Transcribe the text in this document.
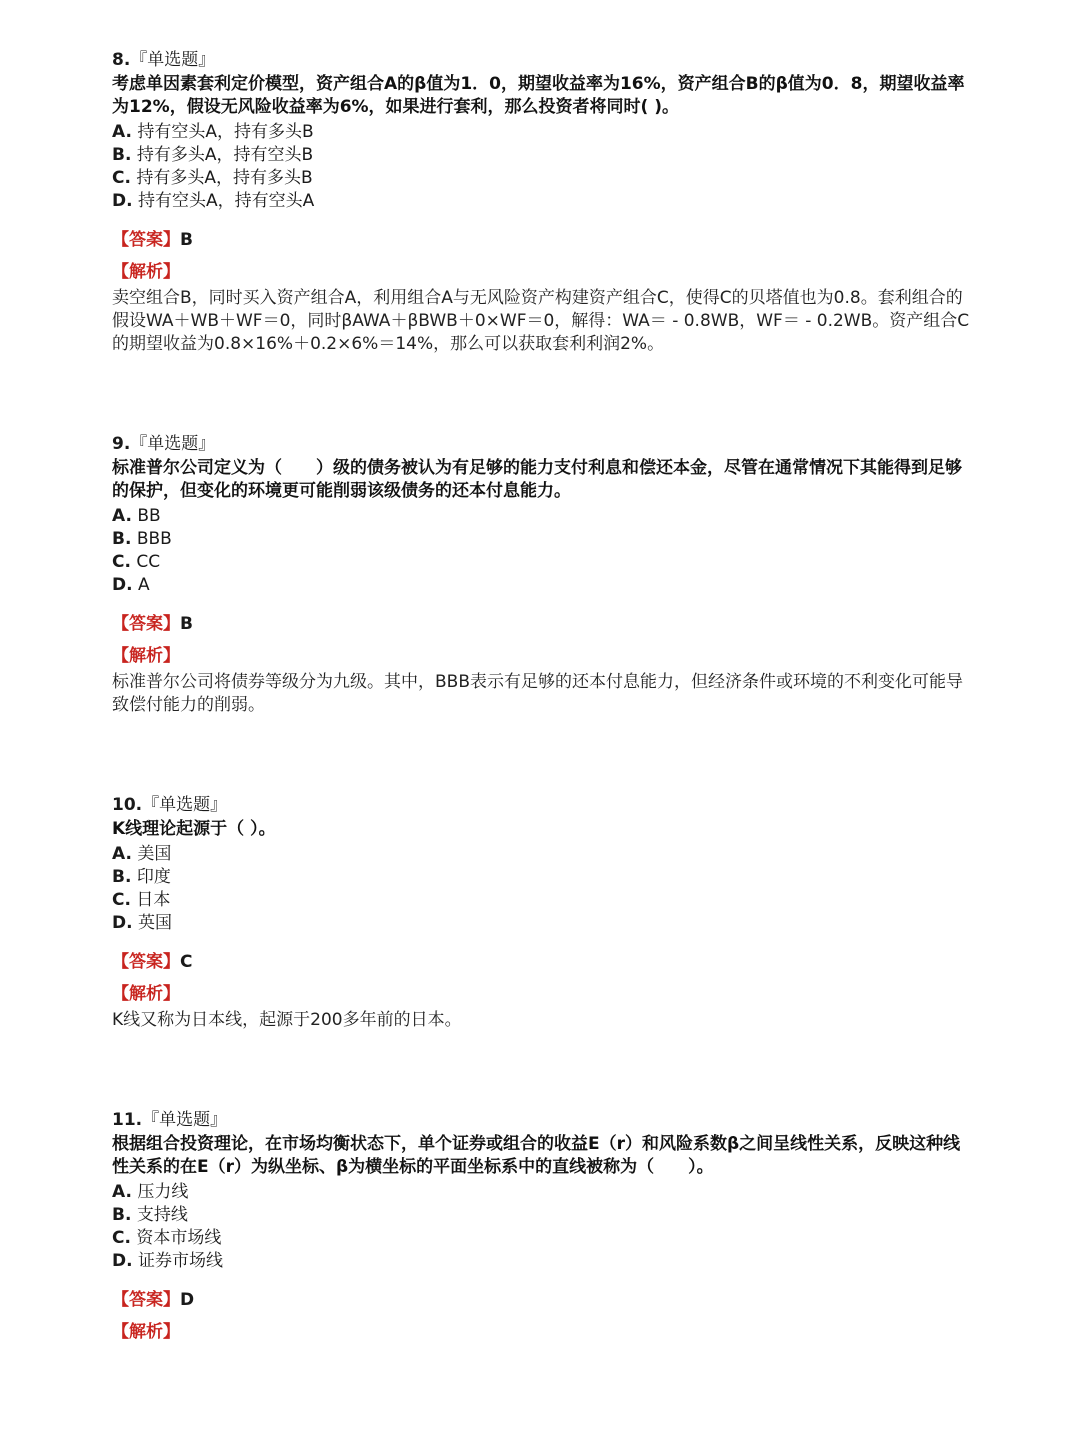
8.『单选题』
考虑单因素套利定价模型，资产组合A的β值为1．0，期望收益率为16%，资产组合B的β值为0．8，期望收益率为12%，假设无风险收益率为6%，如果进行套利，那么投资者将同时( )。
A. 持有空头A，持有多头B
B. 持有多头A，持有空头B
C. 持有多头A，持有多头B
D. 持有空头A，持有空头A
【答案】B
【解析】
卖空组合B，同时买入资产组合A，利用组合A与无风险资产构建资产组合C，使得C的贝塔值也为0.8。套利组合的假设WA＋WB＋WF＝0，同时βAWA＋βBWB＋0×WF＝0，解得：WA＝ - 0.8WB，WF＝ - 0.2WB。资产组合C的期望收益为0.8×16%＋0.2×6%＝14%，那么可以获取套利利润2%。
9.『单选题』
标准普尔公司定义为（　　）级的债务被认为有足够的能力支付利息和偿还本金，尽管在通常情况下其能得到足够的保护，但变化的环境更可能削弱该级债务的还本付息能力。
A. BB
B. BBB
C. CC
D. A
【答案】B
【解析】
标准普尔公司将债券等级分为九级。其中，BBB表示有足够的还本付息能力，但经济条件或环境的不利变化可能导致偿付能力的削弱。
10.『单选题』
K线理论起源于（ ）。
A. 美国
B. 印度
C. 日本
D. 英国
【答案】C
【解析】
K线又称为日本线，起源于200多年前的日本。
11.『单选题』
根据组合投资理论，在市场均衡状态下，单个证券或组合的收益E（r）和风险系数β之间呈线性关系，反映这种线性关系的在E（r）为纵坐标、β为横坐标的平面坐标系中的直线被称为（　　）。
A. 压力线
B. 支持线
C. 资本市场线
D. 证券市场线
【答案】D
【解析】
